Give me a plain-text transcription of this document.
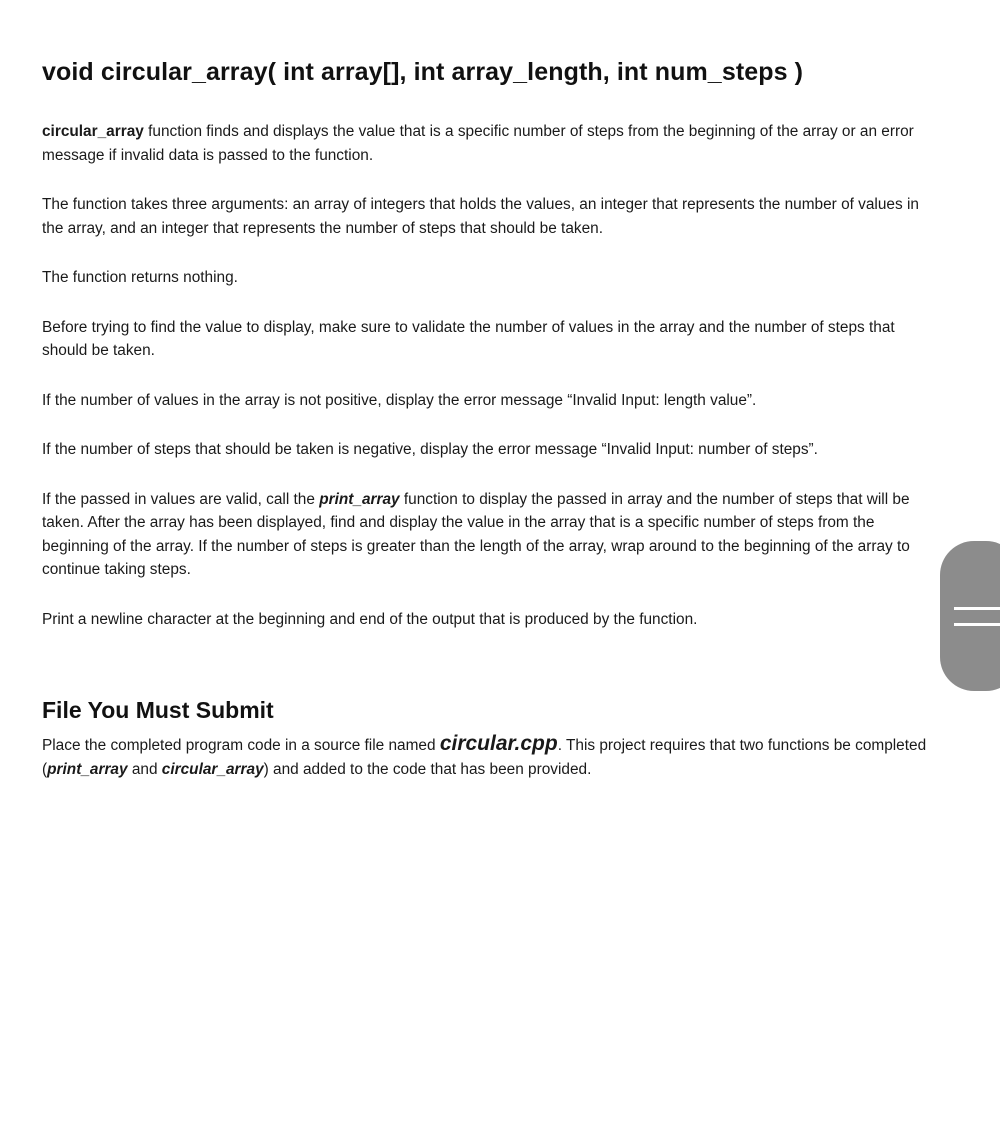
void circular_array( int array[], int array_length, int num_steps )

circular_array function finds and displays the value that is a specific number of steps from the beginning of the array or an error message if invalid data is passed to the function.

The function takes three arguments: an array of integers that holds the values, an integer that represents the number of values in the array, and an integer that represents the number of steps that should be taken.

The function returns nothing.

Before trying to find the value to display, make sure to validate the number of values in the array and the number of steps that should be taken.

If the number of values in the array is not positive, display the error message “Invalid Input: length value”.

If the number of steps that should be taken is negative, display the error message “Invalid Input: number of steps”.

If the passed in values are valid, call the print_array function to display the passed in array and the number of steps that will be taken. After the array has been displayed, find and display the value in the array that is a specific number of steps from the beginning of the array. If the number of steps is greater than the length of the array, wrap around to the beginning of the array to continue taking steps.

Print a newline character at the beginning and end of the output that is produced by the function.

File You Must Submit

Place the completed program code in a source file named circular.cpp. This project requires that two functions be completed (print_array and circular_array) and added to the code that has been provided.
